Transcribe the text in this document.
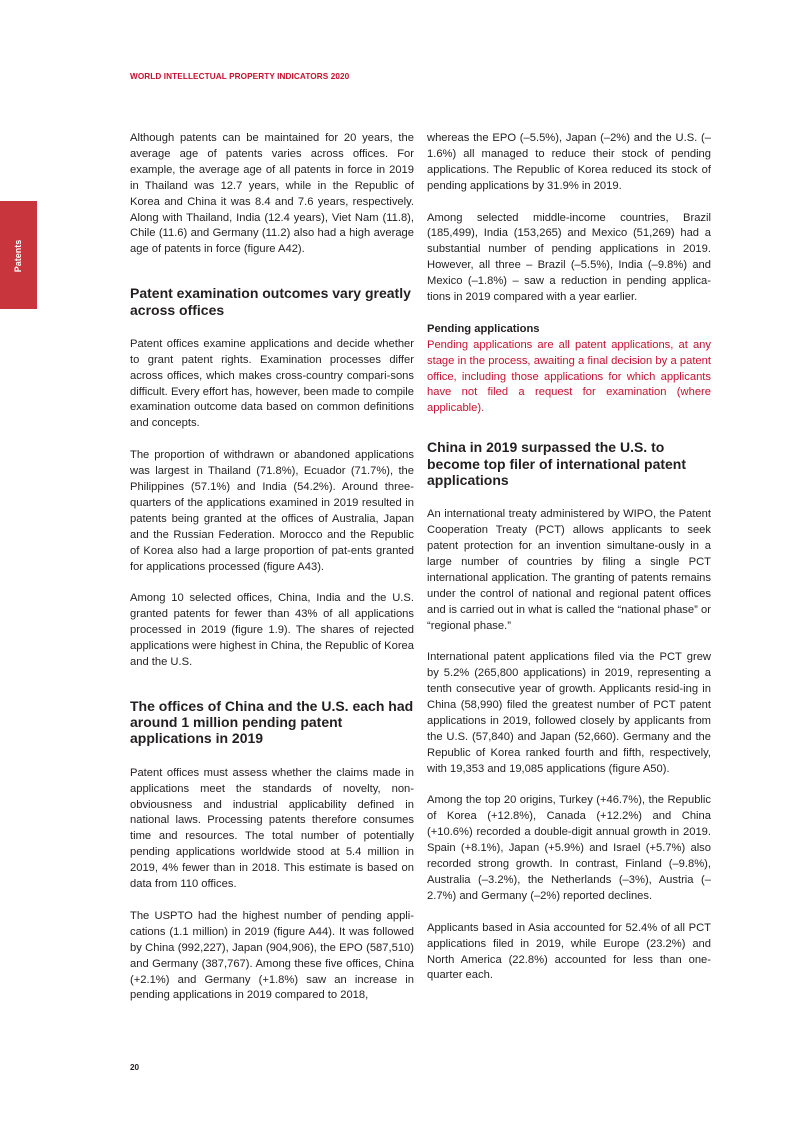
WORLD INTELLECTUAL PROPERTY INDICATORS 2020
Patents

Although patents can be maintained for 20 years, the average age of patents varies across offices. For example, the average age of all patents in force in 2019 in Thailand was 12.7 years, while in the Republic of Korea and China it was 8.4 and 7.6 years, respectively. Along with Thailand, India (12.4 years), Viet Nam (11.8), Chile (11.6) and Germany (11.2) also had a high average age of patents in force (figure A42).

Patent examination outcomes vary greatly across offices

Patent offices examine applications and decide whether to grant patent rights. Examination processes differ across offices, which makes cross-country compari-sons difficult. Every effort has, however, been made to compile examination outcome data based on common definitions and concepts.

The proportion of withdrawn or abandoned applications was largest in Thailand (71.8%), Ecuador (71.7%), the Philippines (57.1%) and India (54.2%). Around three-quarters of the applications examined in 2019 resulted in patents being granted at the offices of Australia, Japan and the Russian Federation. Morocco and the Republic of Korea also had a large proportion of pat-ents granted for applications processed (figure A43).

Among 10 selected offices, China, India and the U.S. granted patents for fewer than 43% of all applications processed in 2019 (figure 1.9). The shares of rejected applications were highest in China, the Republic of Korea and the U.S.

The offices of China and the U.S. each had around 1 million pending patent applications in 2019

Patent offices must assess whether the claims made in applications meet the standards of novelty, non-obviousness and industrial applicability defined in national laws. Processing patents therefore consumes time and resources. The total number of potentially pending applications worldwide stood at 5.4 million in 2019, 4% fewer than in 2018. This estimate is based on data from 110 offices.

The USPTO had the highest number of pending appli-cations (1.1 million) in 2019 (figure A44). It was followed by China (992,227), Japan (904,906), the EPO (587,510) and Germany (387,767). Among these five offices, China (+2.1%) and Germany (+1.8%) saw an increase in pending applications in 2019 compared to 2018,

whereas the EPO (–5.5%), Japan (–2%) and the U.S. (–1.6%) all managed to reduce their stock of pending applications. The Republic of Korea reduced its stock of pending applications by 31.9% in 2019.

Among selected middle-income countries, Brazil (185,499), India (153,265) and Mexico (51,269) had a substantial number of pending applications in 2019. However, all three – Brazil (–5.5%), India (–9.8%) and Mexico (–1.8%) – saw a reduction in pending applica-tions in 2019 compared with a year earlier.

Pending applications

Pending applications are all patent applications, at any stage in the process, awaiting a final decision by a patent office, including those applications for which applicants have not filed a request for examination (where applicable).

China in 2019 surpassed the U.S. to become top filer of international patent applications

An international treaty administered by WIPO, the Patent Cooperation Treaty (PCT) allows applicants to seek patent protection for an invention simultane-ously in a large number of countries by filing a single PCT international application. The granting of patents remains under the control of national and regional patent offices and is carried out in what is called the “national phase” or “regional phase.”

International patent applications filed via the PCT grew by 5.2% (265,800 applications) in 2019, representing a tenth consecutive year of growth. Applicants resid-ing in China (58,990) filed the greatest number of PCT patent applications in 2019, followed closely by applicants from the U.S. (57,840) and Japan (52,660). Germany and the Republic of Korea ranked fourth and fifth, respectively, with 19,353 and 19,085 applications (figure A50).

Among the top 20 origins, Turkey (+46.7%), the Republic of Korea (+12.8%), Canada (+12.2%) and China (+10.6%) recorded a double-digit annual growth in 2019. Spain (+8.1%), Japan (+5.9%) and Israel (+5.7%) also recorded strong growth. In contrast, Finland (–9.8%), Australia (–3.2%), the Netherlands (–3%), Austria (–2.7%) and Germany (–2%) reported declines.

Applicants based in Asia accounted for 52.4% of all PCT applications filed in 2019, while Europe (23.2%) and North America (22.8%) accounted for less than one-quarter each.

20
